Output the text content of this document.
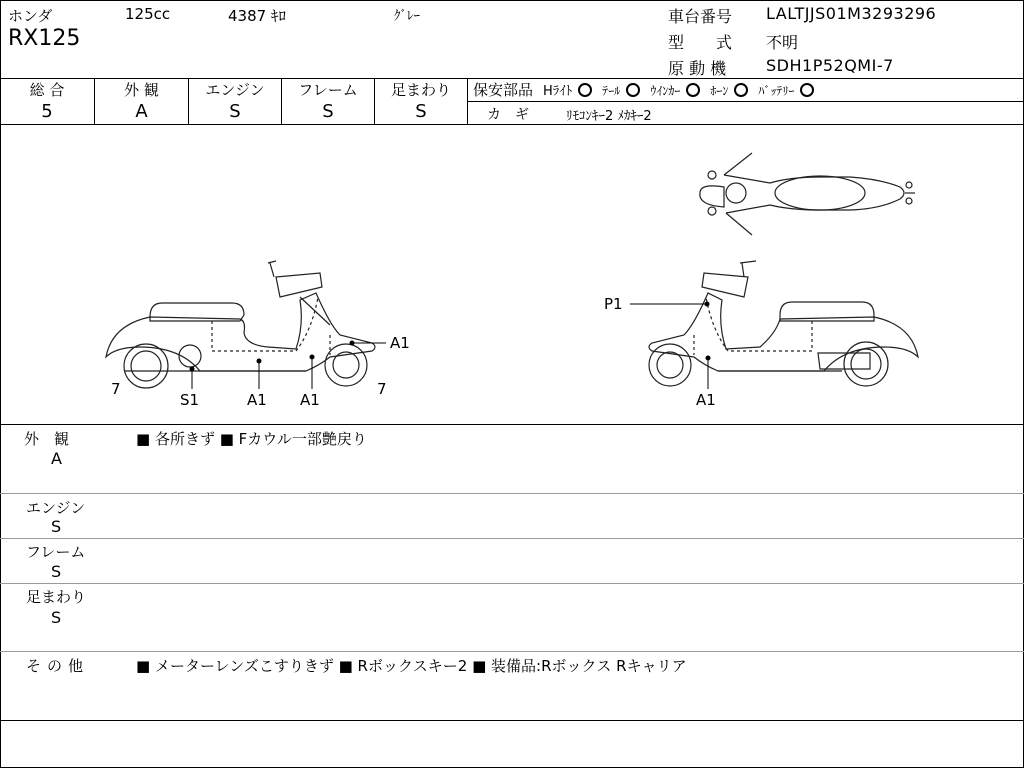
ホンダ	125cc	4387 ｷﾛ	ｸﾞﾚｰ
RX125
車台番号 LALTJJS01M3293296
型　　式 不明
原 動 機 SDH1P52QMI-7
総 合	外 観	エンジン	フレーム	足まわり
5	A	S	S	S
保安部品 Hﾗｲﾄ	ﾃｰﾙ	ｳｲﾝｶｰ	ﾎｰﾝ	ﾊﾞｯﾃﾘｰ
カ　ギ	ﾘﾓｺﾝｷｰ2 ﾒｶｷｰ2
A1
7
S1	A1 A1
7
P1
A1
外　観
A
■ 各所きず ■ Fカウル一部艶戻り
エンジン
S
フレーム
S
足まわり
S
その他	■ メーターレンズこすりきず ■ Rボックスキー2 ■ 装備品:Rボックス Rキャリア
